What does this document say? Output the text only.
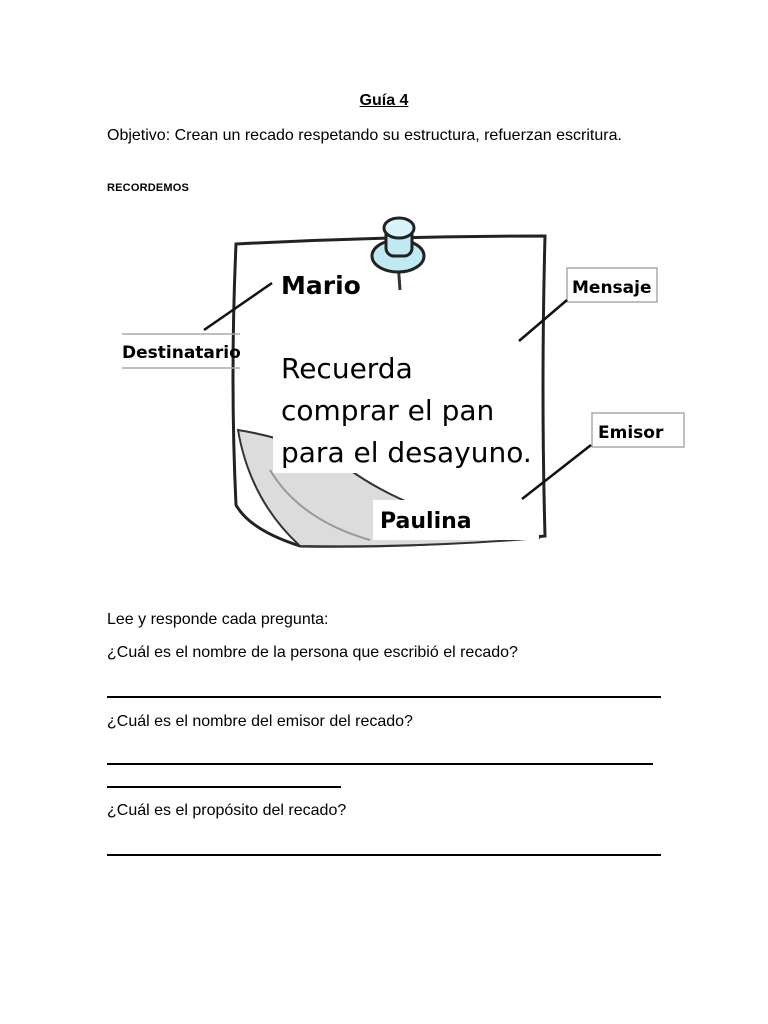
Guía 4
Objetivo: Crean un recado respetando su estructura, refuerzan escritura.
RECORDEMOS
Mario
Recuerda
comprar el pan
para el desayuno.
Paulina
Destinatario
Mensaje
Emisor
Lee y responde cada pregunta:
¿Cuál es el nombre de la persona que escribió el recado?
¿Cuál es el nombre del emisor del recado?
¿Cuál es el propósito del recado?
